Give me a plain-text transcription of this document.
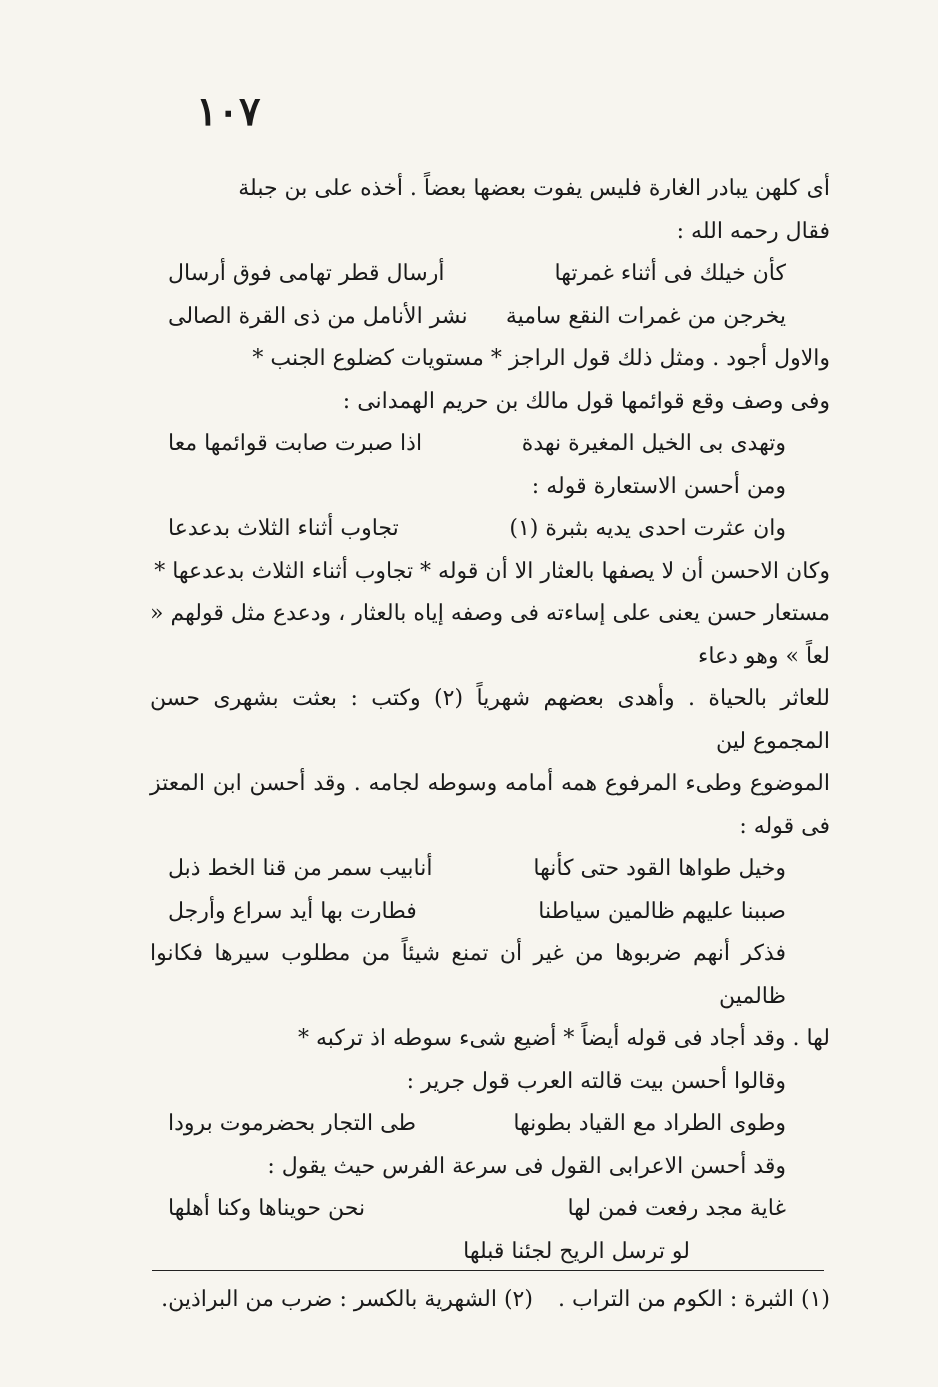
١٠٧

أى كلهن يبادر الغارة فليس يفوت بعضها بعضاً . أخذه على بن جبلة

فقال رحمه الله :

كأن خيلك فى أثناء غمرتها
أرسال قطر تهامى فوق أرسال
يخرجن من غمرات النقع سامية
نشر الأنامل من ذى القرة الصالى

والاول أجود . ومثل ذلك قول الراجز * مستويات كضلوع الجنب *

وفى وصف وقع قوائمها قول مالك بن حريم الهمدانى :

وتهدى بى الخيل المغيرة نهدة
اذا صبرت صابت قوائمها معا

ومن أحسن الاستعارة قوله :

وان عثرت احدى يديه بثبرة (١)
تجاوب أثناء الثلاث بدعدعا

وكان الاحسن أن لا يصفها بالعثار الا أن قوله * تجاوب أثناء الثلاث بدعدعها *

مستعار حسن يعنى على إساءته فى وصفه إياه بالعثار ، ودعدع مثل قولهم « لعاً » وهو دعاء

للعاثر بالحياة . وأهدى بعضهم شهرياً (٢) وكتب : بعثت بشهرى حسن المجموع لين

الموضوع وطىء المرفوع همه أمامه وسوطه لجامه . وقد أحسن ابن المعتز فى قوله :

وخيل طواها القود حتى كأنها
أنابيب سمر من قنا الخط ذبل
صببنا عليهم ظالمين سياطنا
فطارت بها أيد سراع وأرجل

فذكر أنهم ضربوها من غير أن تمنع شيئاً من مطلوب سيرها فكانوا ظالمين

لها . وقد أجاد فى قوله أيضاً * أضيع شىء سوطه اذ تركبه *

وقالوا أحسن بيت قالته العرب قول جرير :

وطوى الطراد مع القياد بطونها
طى التجار بحضرموت برودا

وقد أحسن الاعرابى القول فى سرعة الفرس حيث يقول :

غاية مجد رفعت فمن لها
نحن حويناها وكنا أهلها
لو ترسل الريح لجئنا قبلها
(١) الثبرة : الكوم من التراب . (٢) الشهرية بالكسر : ضرب من البراذين.
